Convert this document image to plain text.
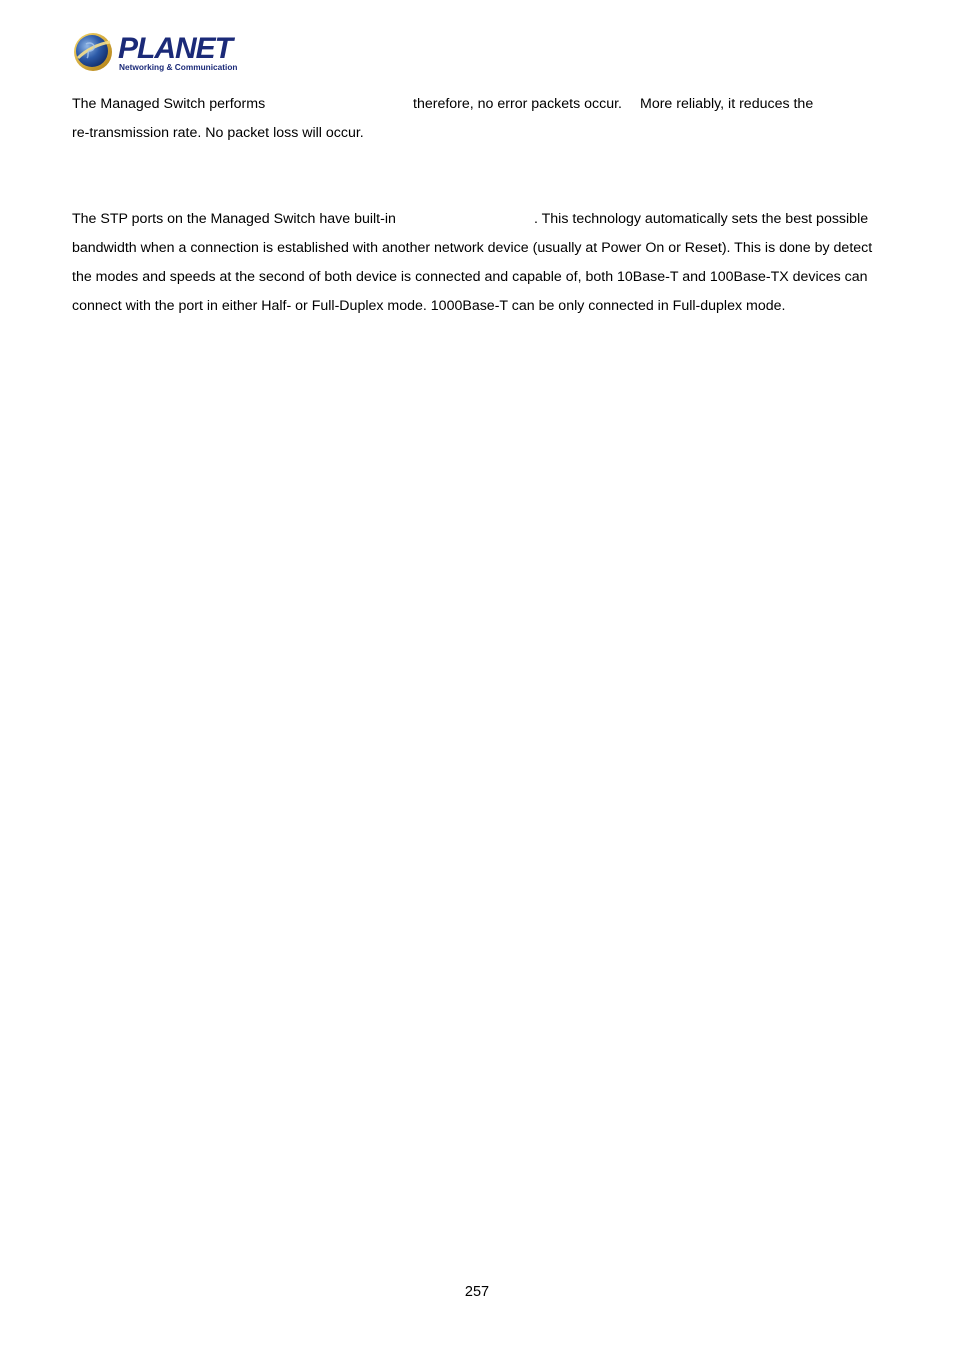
PLANET
Networking & Communication

The Managed Switch performs

	therefore, no error packets occur.

More reliably, it reduces the

re-transmission rate. No packet loss will occur.

The STP ports on the Managed Switch have built-in

	. This technology automatically sets the best possible

bandwidth when a connection is established with another network device (usually at Power On or Reset). This is done by detect
the modes and speeds at the second of both device is connected and capable of, both 10Base-T and 100Base-TX devices can
connect with the port in either Half- or Full-Duplex mode. 1000Base-T can be only connected in Full-duplex mode.
257
